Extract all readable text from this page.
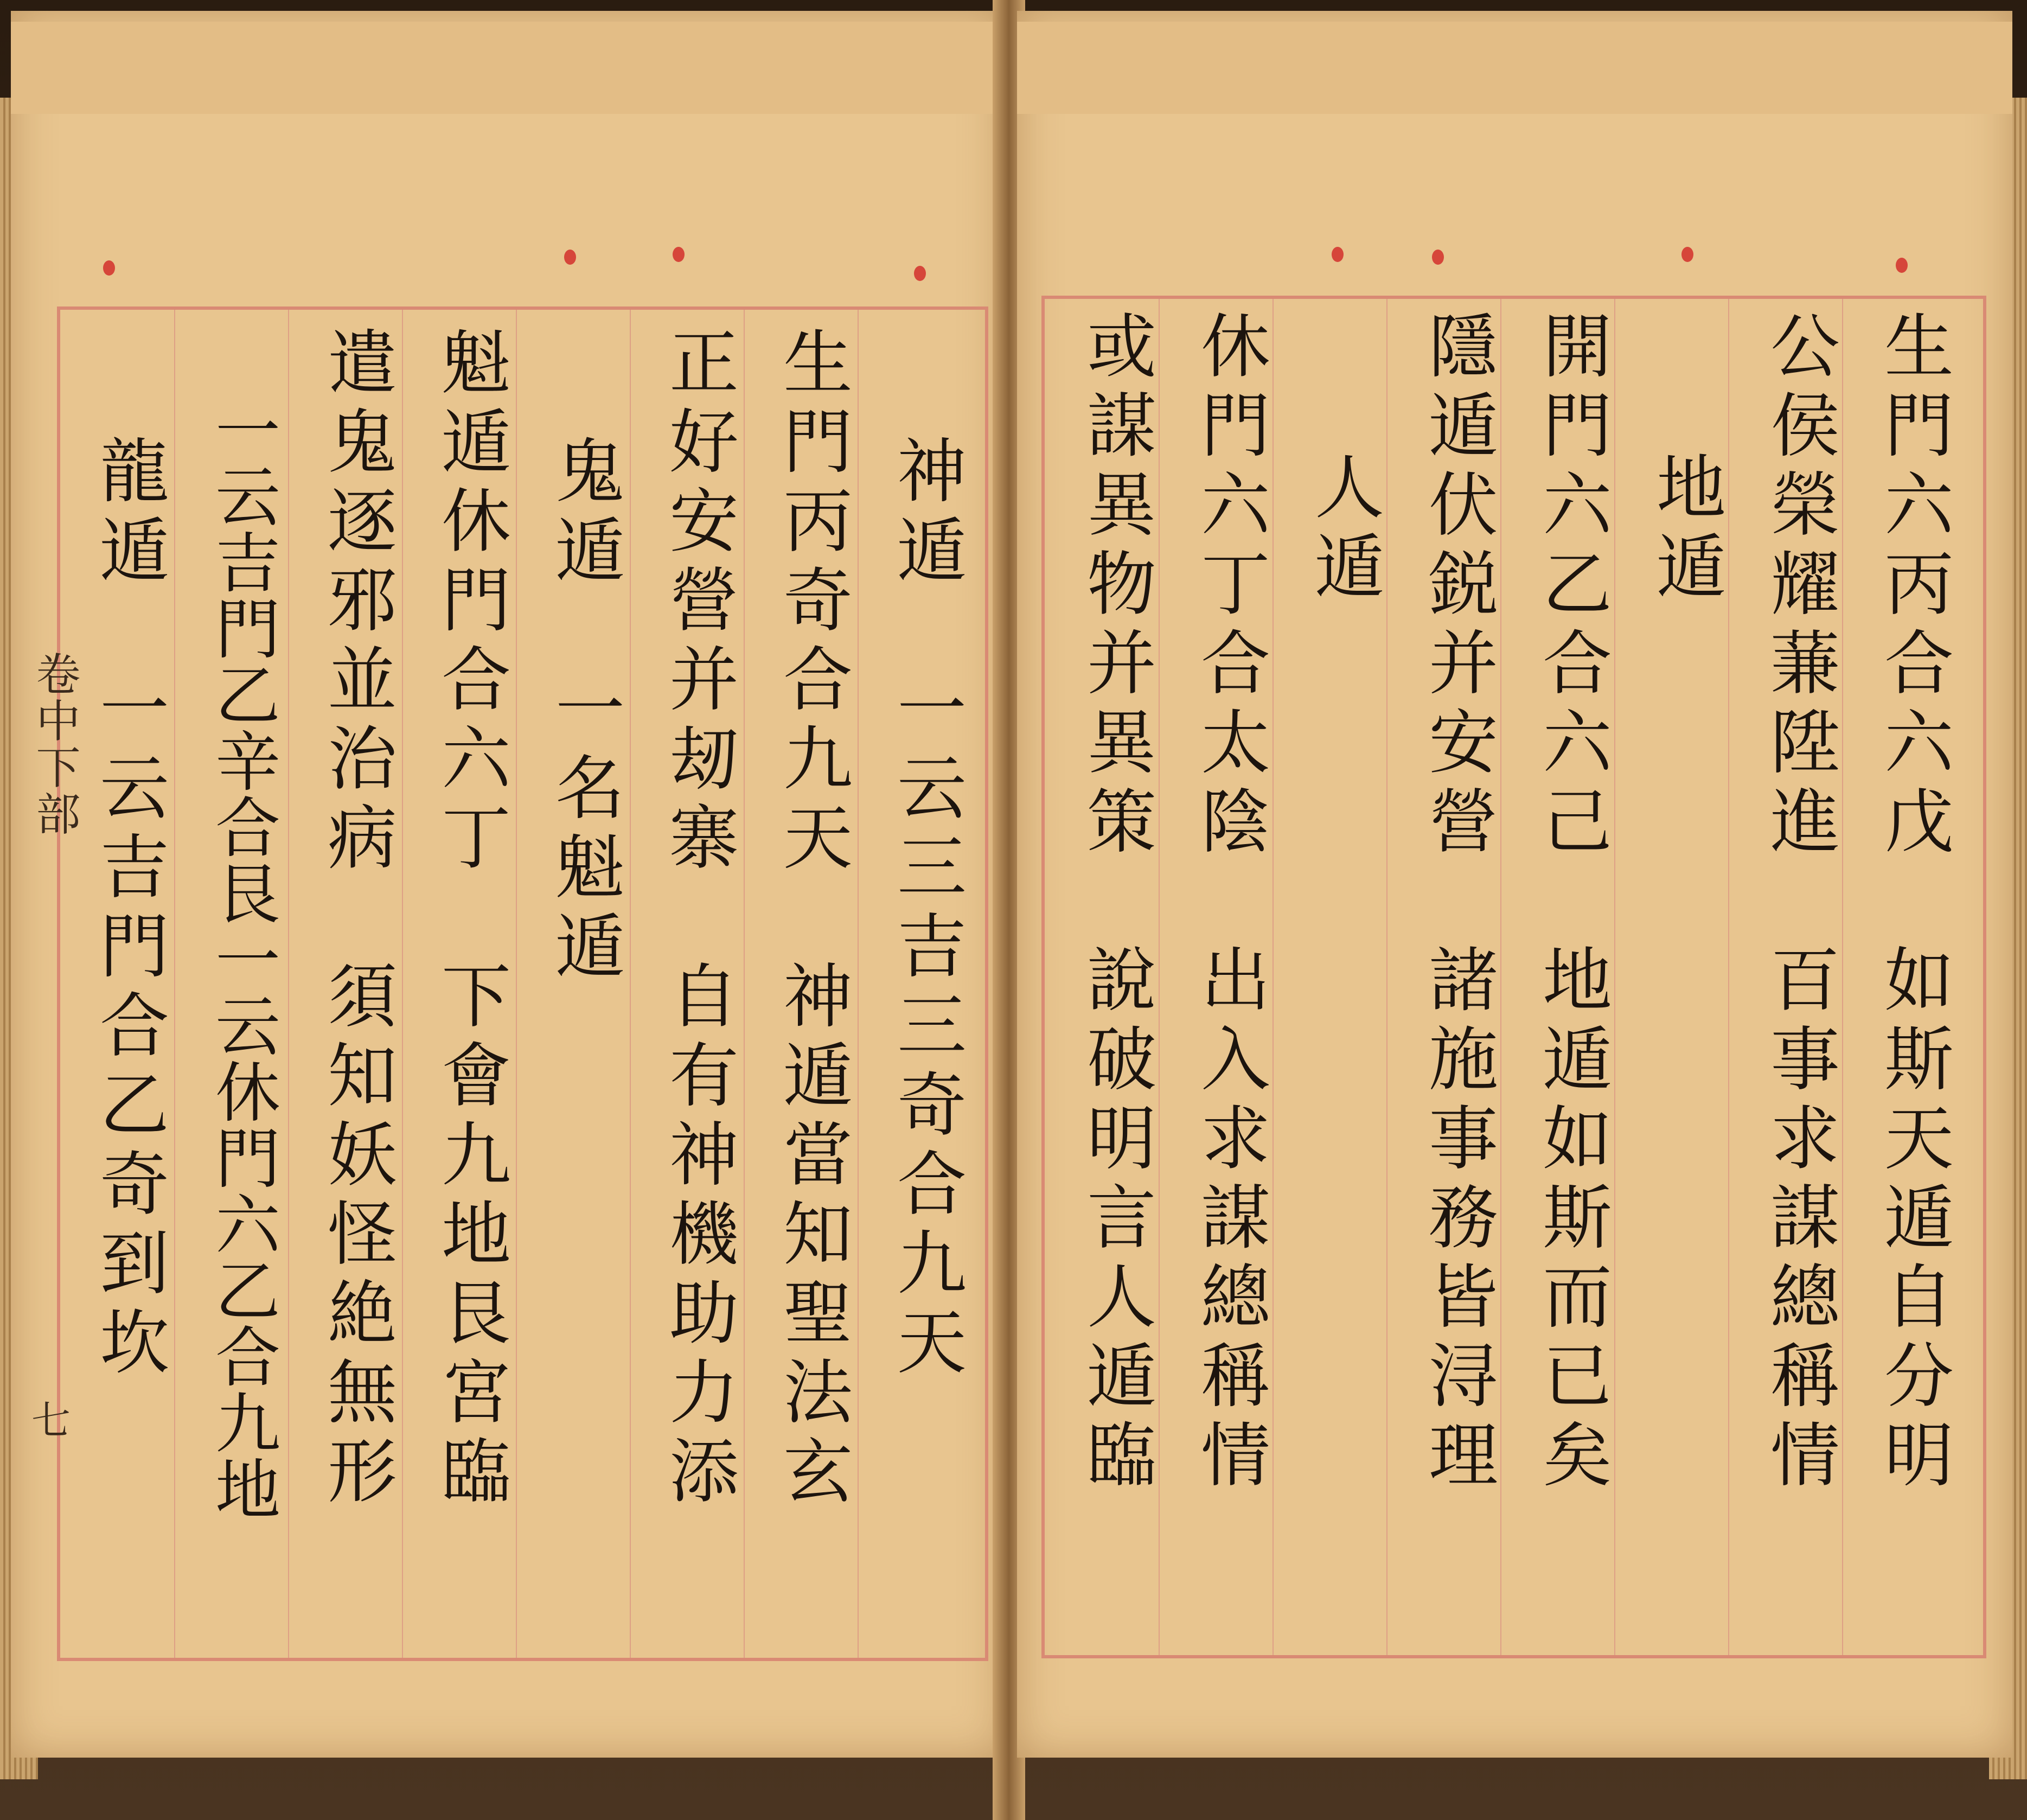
神遁　一云三吉三奇合九天
生門丙奇合九天　神遁當知聖法玄
正好安營并刼寨　自有神機助力添
鬼遁　一名魁遁
魁遁休門合六丁　下會九地艮宮臨
遣鬼逐邪並治病　須知妖怪絶無形
一云吉門乙辛合艮一云休門六乙合九地
龍遁　一云吉門合乙奇到坎
卷中下部
七	生門六丙合六戊　如斯天遁自分明
公侯榮耀蒹陞進　百事求謀總稱情
地遁
開門六乙合六己　地遁如斯而已矣
隱遁伏鋭并安營　諸施事務皆浔理
人遁
休門六丁合太陰　出入求謀總稱情
或謀異物并異策　說破明言人遁臨
